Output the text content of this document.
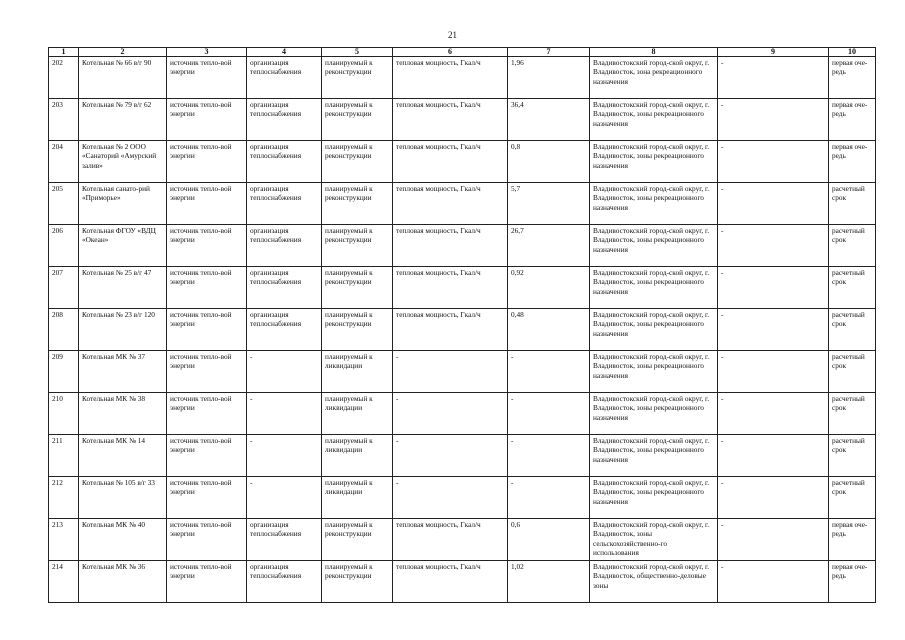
21
1	2	3	4	5	6	7	8	9	10
202	Котельная № 66 в/г 90	источник тепло-вой энергии	организация теплоснабжения	планируемый к реконструкции	тепловая мощность, Гкал/ч	1,96	Владивостокский город-ской округ, г. Владивосток, зона рекреационного назначения	-	первая оче-редь
203	Котельная № 79 в/г 62	источник тепло-вой энергии	организация теплоснабжения	планируемый к реконструкции	тепловая мощность, Гкал/ч	36,4	Владивостокский город-ской округ, г. Владивосток, зоны рекреационного назначения	-	первая оче-редь
204	Котельная № 2 ООО «Санаторий «Амурский залив»	источник тепло-вой энергии	организация теплоснабжения	планируемый к реконструкции	тепловая мощность, Гкал/ч	0,8	Владивостокский город-ской округ, г. Владивосток, зоны рекреационного назначения	-	первая оче-редь
205	Котельная санато-рий «Приморье»	источник тепло-вой энергии	организация теплоснабжения	планируемый к реконструкции	тепловая мощность, Гкал/ч	5,7	Владивостокский город-ской округ, г. Владивосток, зоны рекреационного назначения	-	расчетный срок
206	Котельная ФГОУ «ВДЦ «Океан»	источник тепло-вой энергии	организация теплоснабжения	планируемый к реконструкции	тепловая мощность, Гкал/ч	26,7	Владивостокский город-ской округ, г. Владивосток, зоны рекреационного назначения	-	расчетный срок
207	Котельная № 25 в/г 47	источник тепло-вой энергии	организация теплоснабжения	планируемый к реконструкции	тепловая мощность, Гкал/ч	0,92	Владивостокский город-ской округ, г. Владивосток, зоны рекреационного назначения	-	расчетный срок
208	Котельная № 23 в/г 120	источник тепло-вой энергии	организация теплоснабжения	планируемый к реконструкции	тепловая мощность, Гкал/ч	0,48	Владивостокский город-ской округ, г. Владивосток, зоны рекреационного назначения	-	расчетный срок
209	Котельная МК № 37	источник тепло-вой энергии	-	планируемый к ликвидации	-	-	Владивостокский город-ской округ, г. Владивосток, зоны рекреационного назначения	-	расчетный срок
210	Котельная МК № 38	источник тепло-вой энергии	-	планируемый к ликвидации	-	-	Владивостокский город-ской округ, г. Владивосток, зоны рекреационного назначения	-	расчетный срок
211	Котельная МК № 14	источник тепло-вой энергии	-	планируемый к ликвидации	-	-	Владивостокский город-ской округ, г. Владивосток, зоны рекреационного назначения	-	расчетный срок
212	Котельная № 105 в/г 33	источник тепло-вой энергии	-	планируемый к ликвидации	-	-	Владивостокский город-ской округ, г. Владивосток, зоны рекреационного назначения	-	расчетный срок
213	Котельная МК № 40	источник тепло-вой энергии	организация теплоснабжения	планируемый к реконструкции	тепловая мощность, Гкал/ч	0,6	Владивостокский город-ской округ, г. Владивосток, зоны сельскохозяйственно-го использования	-	первая оче-редь
214	Котельная МК № 36	источник тепло-вой энергии	организация теплоснабжения	планируемый к реконструкции	тепловая мощность, Гкал/ч	1,02	Владивостокский город-ской округ, г. Владивосток, общественно-деловые зоны	-	первая оче-редь
